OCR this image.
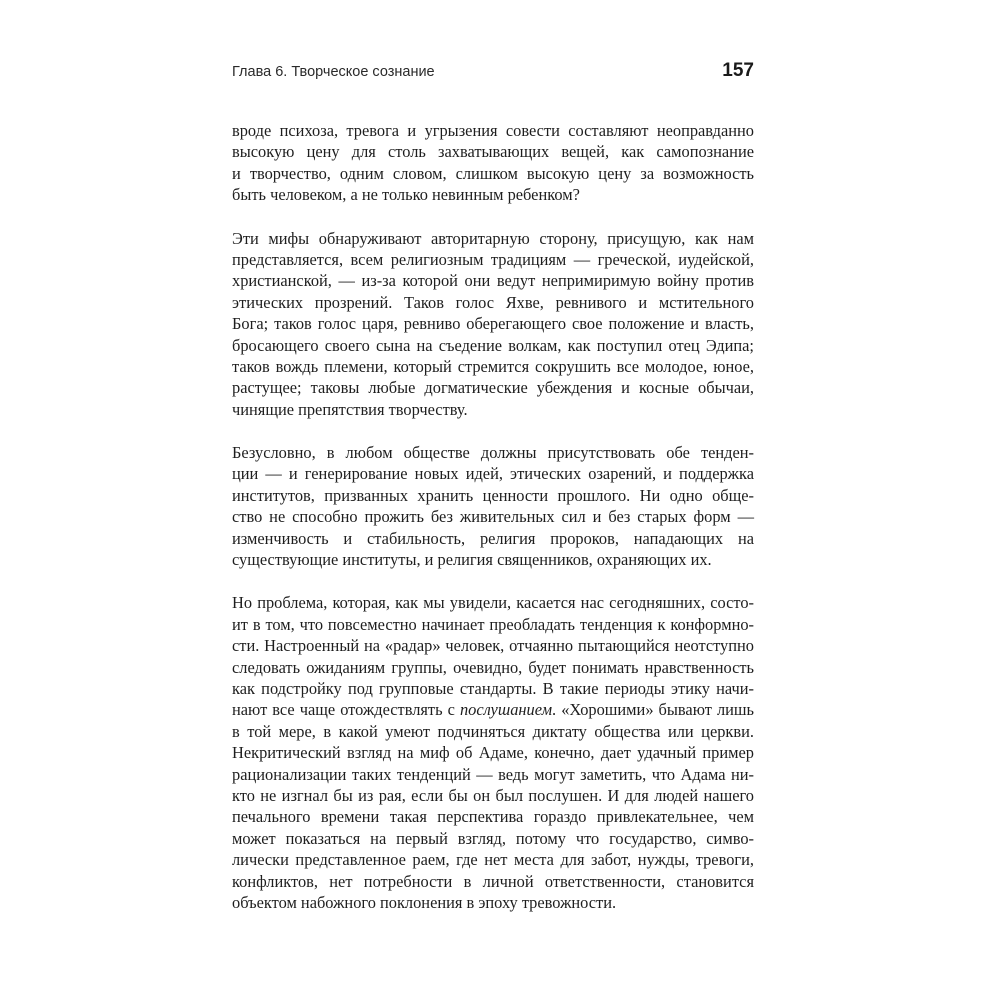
Глава 6. Творческое сознание	157

вроде психоза, тревога и угрызения совести составляют неоправданно
высокую цену для столь захватывающих вещей, как самопознание
и творчество, одним словом, слишком высокую цену за возможность
быть человеком, а не только невинным ребенком?

Эти мифы обнаруживают авторитарную сторону, присущую, как нам
представляется, всем религиозным традициям — греческой, иудейской,
христианской, — из-за которой они ведут непримиримую войну против
этических прозрений. Таков голос Яхве, ревнивого и мстительного
Бога; таков голос царя, ревниво оберегающего свое положение и власть,
бросающего своего сына на съедение волкам, как поступил отец Эдипа;
таков вождь племени, который стремится сокрушить все молодое, юное,
растущее; таковы любые догматические убеждения и косные обычаи,
чинящие препятствия творчеству.

Безусловно, в любом обществе должны присутствовать обе тенден-
ции — и генерирование новых идей, этических озарений, и поддержка
институтов, призванных хранить ценности прошлого. Ни одно обще-
ство не способно прожить без живительных сил и без старых форм —
изменчивость и стабильность, религия пророков, нападающих на
существующие институты, и религия священников, охраняющих их.

Но проблема, которая, как мы увидели, касается нас сегодняшних, состо-
ит в том, что повсеместно начинает преобладать тенденция к конформно-
сти. Настроенный на «радар» человек, отчаянно пытающийся неотступно
следовать ожиданиям группы, очевидно, будет понимать нравственность
как подстройку под групповые стандарты. В такие периоды этику начи-
нают все чаще отождествлять с послушанием. «Хорошими» бывают лишь
в той мере, в какой умеют подчиняться диктату общества или церкви.
Некритический взгляд на миф об Адаме, конечно, дает удачный пример
рационализации таких тенденций — ведь могут заметить, что Адама ни-
кто не изгнал бы из рая, если бы он был послушен. И для людей нашего
печального времени такая перспектива гораздо привлекательнее, чем
может показаться на первый взгляд, потому что государство, симво-
лически представленное раем, где нет места для забот, нужды, тревоги,
конфликтов, нет потребности в личной ответственности, становится
объектом набожного поклонения в эпоху тревожности.
